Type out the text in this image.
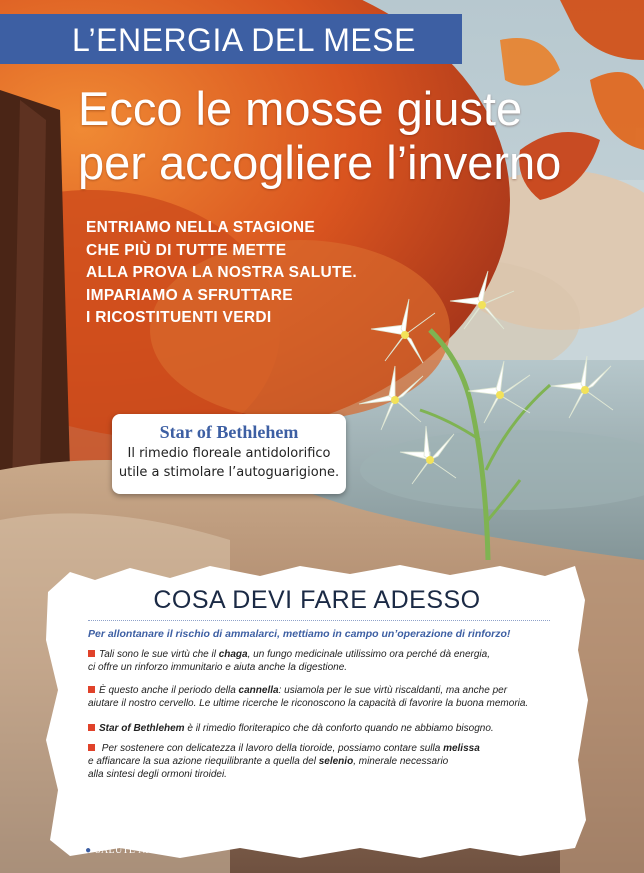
L’ENERGIA DEL MESE
Ecco le mosse giuste
per accogliere l’inverno
ENTRIAMO NELLA STAGIONE
CHE PIÙ DI TUTTE METTE
ALLA PROVA LA NOSTRA SALUTE.
IMPARIAMO A SFRUTTARE
I RICOSTITUENTI VERDI
Star of Bethlehem
Il rimedio floreale antidolorifico
utile a stimolare l’autoguarigione.
COSA DEVI FARE ADESSO
Per allontanare il rischio di ammalarci, mettiamo in campo un’operazione di rinforzo!
Tali sono le sue virtù che il chaga, un fungo medicinale utilissimo ora perché dà energia,
ci offre un rinforzo immunitario e aiuta anche la digestione.
È questo anche il periodo della cannella: usiamola per le sue virtù riscaldanti, ma anche per
aiutare il nostro cervello. Le ultime ricerche le riconoscono la capacità di favorire la buona memoria.
Star of Bethlehem è il rimedio floriterapico che dà conforto quando ne abbiamo bisogno.
Per sostenere con delicatezza il lavoro della tioroide, possiamo contare sulla melissa
e affiancare la sua azione riequilibrante a quella del selenio, minerale necessario
alla sintesi degli ormoni tiroidei.
28 ● SALUTE NATURALE
